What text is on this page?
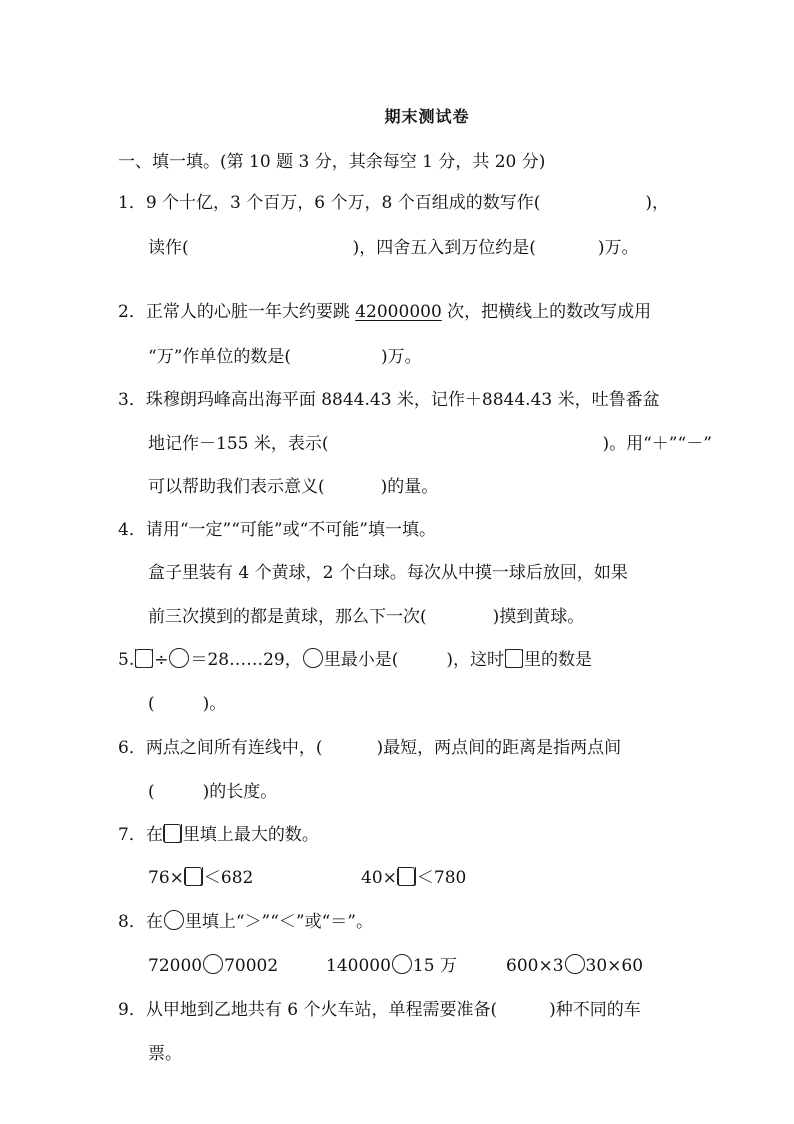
期末测试卷
一、填一填。(第 10 题 3 分，其余每空 1 分，共 20 分)
1．9 个十亿，3 个百万，6 个万，8 个百组成的数写作(	)，
读作(	)，四舍五入到万位约是(	)万。
2．正常人的心脏一年大约要跳 42000000 次，把横线上的数改写成用
“万”作单位的数是(	)万。
3．珠穆朗玛峰高出海平面 8844.43 米，记作＋8844.43 米，吐鲁番盆
地记作－155 米，表示(	)。用“＋”“－”
可以帮助我们表示意义(	)的量。
4．请用“一定”“可能”或“不可能”填一填。
盒子里装有 4 个黄球，2 个白球。每次从中摸一球后放回，如果
前三次摸到的都是黄球，那么下一次(	)摸到黄球。
5. ÷ ＝28……29， 里最小是(	)，这时 里的数是
(	)。
6．两点之间所有连线中，(	)最短，两点间的距离是指两点间
(	)的长度。
7．在 里填上最大的数。
76× ＜682	40× ＜780
8．在 里填上“＞”“＜”或“＝”。
72000 70002	140000 15 万	600×3 30×60
9．从甲地到乙地共有 6 个火车站，单程需要准备(	)种不同的车
票。
